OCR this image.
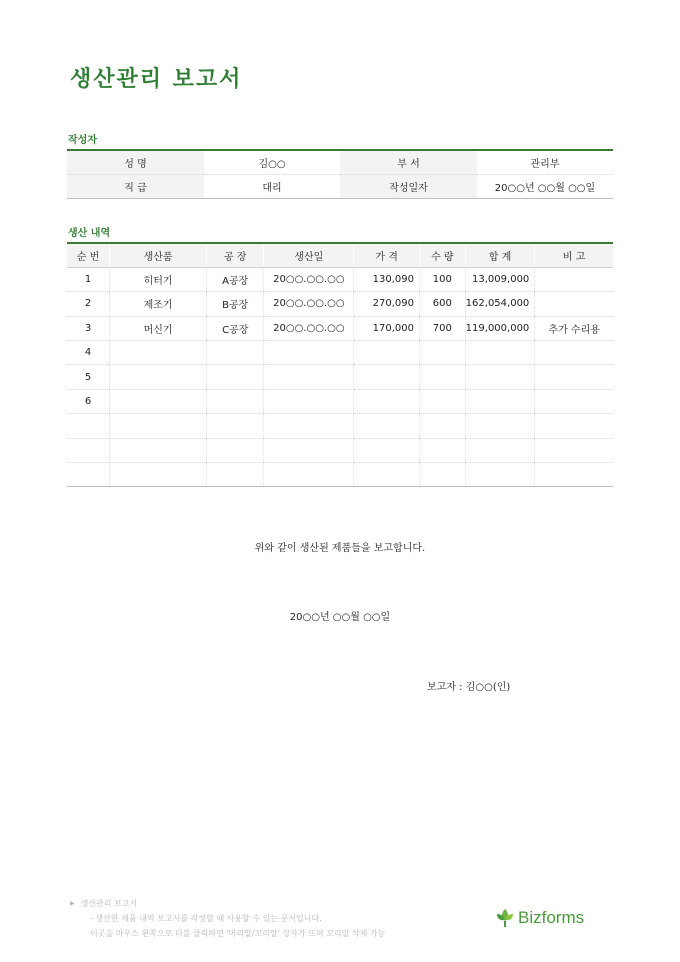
생산관리 보고서
작성자
성 명	김○○	부 서	관리부
직 급	대리	작성일자	20○○년 ○○월 ○○일
생산 내역
순 번	생산품	공 장	생산일	가 격	수 량	합 계	비 고
1	히터기	A공장	20○○.○○.○○	130,090	100	13,009,000	
2	제조기	B공장	20○○.○○.○○	270,090	600	162,054,000	
3	머신기	C공장	20○○.○○.○○	170,000	700	119,000,000	추가 수리용
4							
5							
6							

위와 같이 생산된 제품들을 보고합니다.
20○○년 ○○월 ○○일
보고자 : 김○○(인)
▶ 생산관리 보고서
- 생산한 제품 내역 보고서를 작성할 때 사용할 수 있는 문서입니다.
이곳을 마우스 왼쪽으로 더블 클릭하면 '머리말/꼬리말' 상자가 뜨며 꼬리말 삭제 가능
Bizforms
